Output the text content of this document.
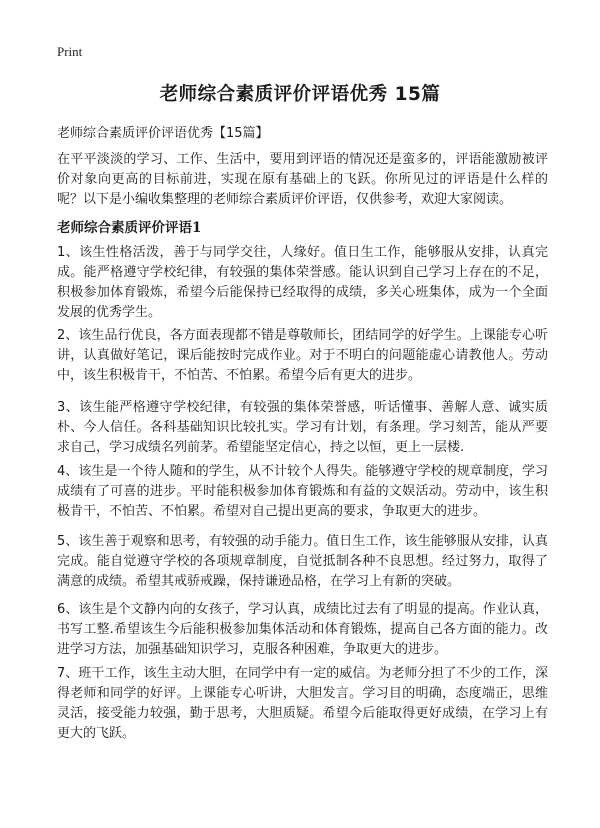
Print
老师综合素质评价评语优秀 15篇
老师综合素质评价评语优秀【15篇】

在平平淡淡的学习、工作、生活中，要用到评语的情况还是蛮多的，评语能激励被评价对象向更高的目标前进，实现在原有基础上的飞跃。你所见过的评语是什么样的呢？以下是小编收集整理的老师综合素质评价评语，仅供参考，欢迎大家阅读。

老师综合素质评价评语1

1、该生性格活泼，善于与同学交往，人缘好。值日生工作，能够服从安排，认真完成。能严格遵守学校纪律，有较强的集体荣誉感。能认识到自己学习上存在的不足，积极参加体育锻炼，希望今后能保持已经取得的成绩，多关心班集体，成为一个全面发展的优秀学生。

2、该生品行优良，各方面表现都不错是尊敬师长，团结同学的好学生。上课能专心听讲，认真做好笔记，课后能按时完成作业。对于不明白的问题能虚心请教他人。劳动中，该生积极肯干，不怕苦、不怕累。希望今后有更大的进步。

3、该生能严格遵守学校纪律，有较强的集体荣誉感，听话懂事、善解人意、诚实质朴、今人信任。各科基础知识比较扎实。学习有计划，有条理。学习刻苦，能从严要求自己，学习成绩名列前茅。希望能坚定信心，持之以恒，更上一层楼.

4、该生是一个待人随和的学生，从不计较个人得失。能够遵守学校的规章制度，学习成绩有了可喜的进步。平时能积极参加体育锻炼和有益的文娱活动。劳动中，该生积极肯干，不怕苦、不怕累。希望对自己提出更高的要求，争取更大的进步。

5、该生善于观察和思考，有较强的动手能力。值日生工作，该生能够服从安排，认真完成。能自觉遵守学校的各项规章制度，自觉抵制各种不良思想。经过努力，取得了满意的成绩。希望其戒骄戒躁，保持谦逊品格，在学习上有新的突破。

6、该生是个文静内向的女孩子，学习认真，成绩比过去有了明显的提高。作业认真，书写工整.希望该生今后能积极参加集体活动和体育锻炼，提高自己各方面的能力。改进学习方法，加强基础知识学习，克服各种困难，争取更大的进步。

7、班干工作，该生主动大胆，在同学中有一定的威信。为老师分担了不少的工作，深得老师和同学的好评。上课能专心听讲，大胆发言。学习目的明确，态度端正，思维灵活，接受能力较强，勤于思考，大胆质疑。希望今后能取得更好成绩，在学习上有更大的飞跃。
